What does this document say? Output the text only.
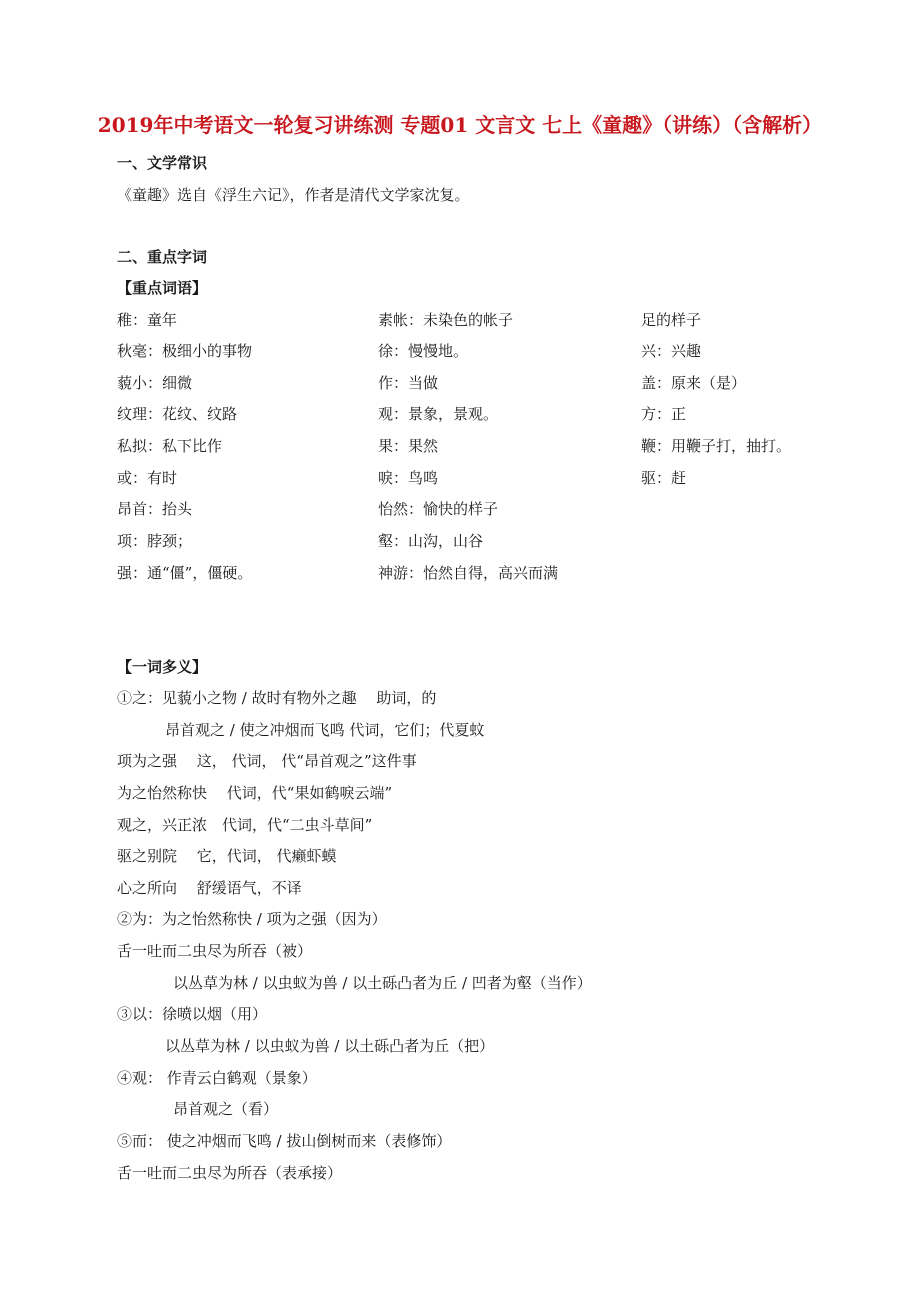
2019年中考语文一轮复习讲练测 专题01 文言文 七上《童趣》（讲练）（含解析）
一、文学常识
《童趣》选自《浮生六记》，作者是清代文学家沈复。
二、重点字词
【重点词语】
稚：童年	素帐：未染色的帐子	足的样子
秋毫：极细小的事物	徐：慢慢地。	兴：兴趣
藐小：细微	作：当做	盖：原来（是）
纹理：花纹、纹路	观：景象，景观。	方：正
私拟：私下比作	果：果然	鞭：用鞭子打，抽打。
或：有时	唳：鸟鸣	驱：赶
昂首：抬头	怡然：愉快的样子
项：脖颈；	壑：山沟，山谷
强：通“僵”，僵硬。	神游：怡然自得，高兴而满
【一词多义】
①之：见藐小之物 / 故时有物外之趣　 助词，的
昂首观之 / 使之冲烟而飞鸣 代词，它们；代夏蚊
项为之强　 这， 代词， 代“昂首观之”这件事
为之怡然称快　 代词，代“果如鹤唳云端”
观之，兴正浓　代词，代“二虫斗草间”
驱之别院　 它，代词， 代癞虾蟆
心之所向　 舒缓语气，不译
②为：为之怡然称快 / 项为之强（因为）
舌一吐而二虫尽为所吞（被）
以丛草为林 / 以虫蚁为兽 / 以土砾凸者为丘 / 凹者为壑（当作）
③以：徐喷以烟（用）
以丛草为林 / 以虫蚁为兽 / 以土砾凸者为丘（把）
④观： 作青云白鹤观（景象）
昂首观之（看）
⑤而： 使之冲烟而飞鸣 / 拔山倒树而来（表修饰）
舌一吐而二虫尽为所吞（表承接）
